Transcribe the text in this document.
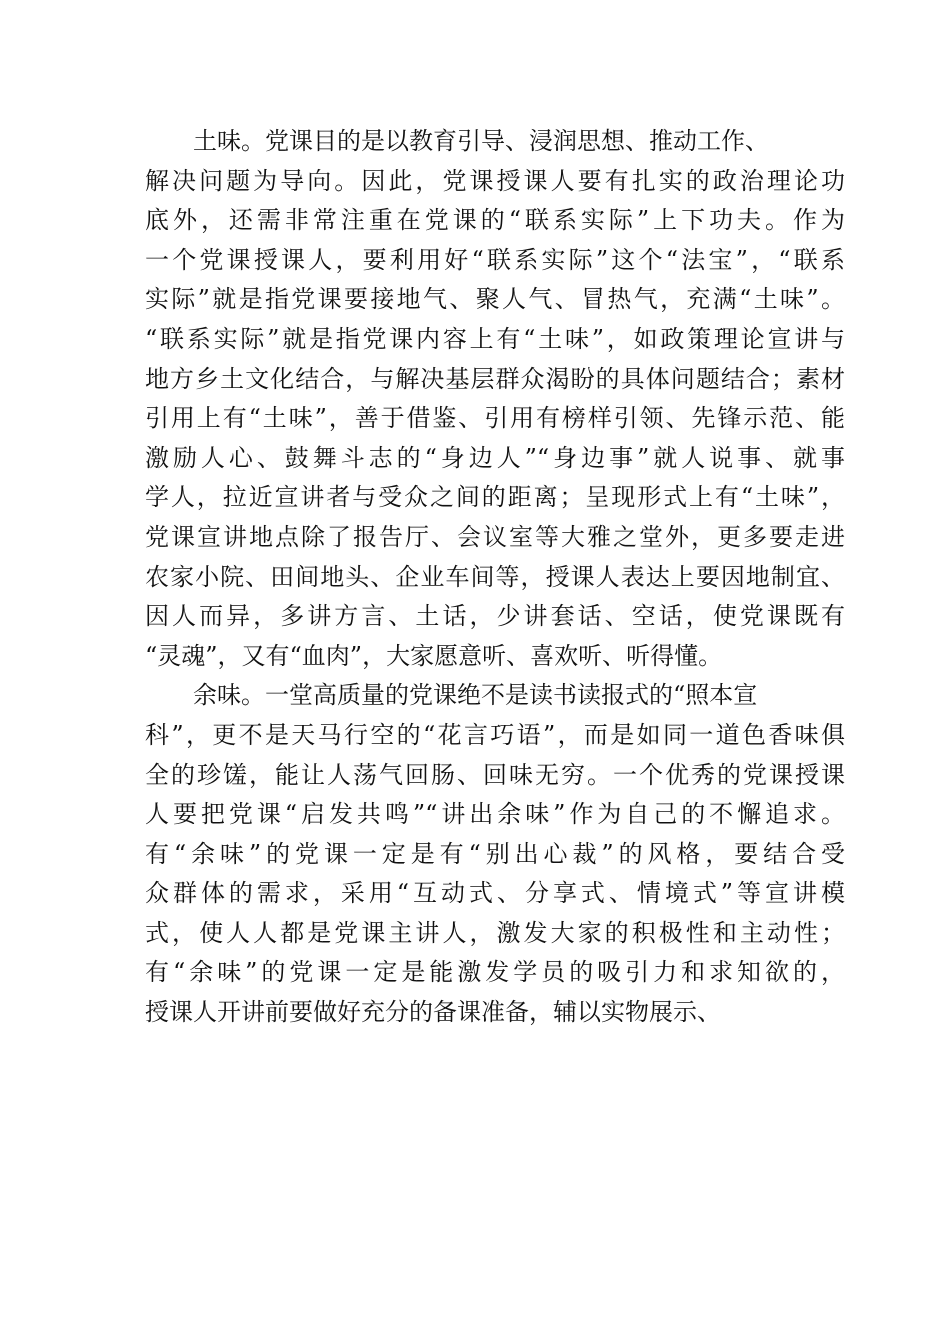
土味。党课目的是以教育引导、浸润思想、推动工作、
解决问题为导向。因此，党课授课人要有扎实的政治理论功
底外，还需非常注重在党课的“联系实际”上下功夫。作为
一个党课授课人，要利用好“联系实际”这个“法宝”，“联系
实际”就是指党课要接地气、聚人气、冒热气，充满“土味”。
“联系实际”就是指党课内容上有“土味”，如政策理论宣讲与
地方乡土文化结合，与解决基层群众渴盼的具体问题结合；素材
引用上有“土味”，善于借鉴、引用有榜样引领、先锋示范、能
激励人心、鼓舞斗志的“身边人”“身边事”就人说事、就事
学人，拉近宣讲者与受众之间的距离；呈现形式上有“土味”，
党课宣讲地点除了报告厅、会议室等大雅之堂外，更多要走进
农家小院、田间地头、企业车间等，授课人表达上要因地制宜、
因人而异，多讲方言、土话，少讲套话、空话，使党课既有
“灵魂”，又有“血肉”，大家愿意听、喜欢听、听得懂。
余味。一堂高质量的党课绝不是读书读报式的“照本宣
科”，更不是天马行空的“花言巧语”，而是如同一道色香味俱
全的珍馐，能让人荡气回肠、回味无穷。一个优秀的党课授课
人要把党课“启发共鸣”“讲出余味”作为自己的不懈追求。
有“余味”的党课一定是有“别出心裁”的风格，要结合受
众群体的需求，采用“互动式、分享式、情境式”等宣讲模
式，使人人都是党课主讲人，激发大家的积极性和主动性；
有“余味”的党课一定是能激发学员的吸引力和求知欲的，
授课人开讲前要做好充分的备课准备，辅以实物展示、
